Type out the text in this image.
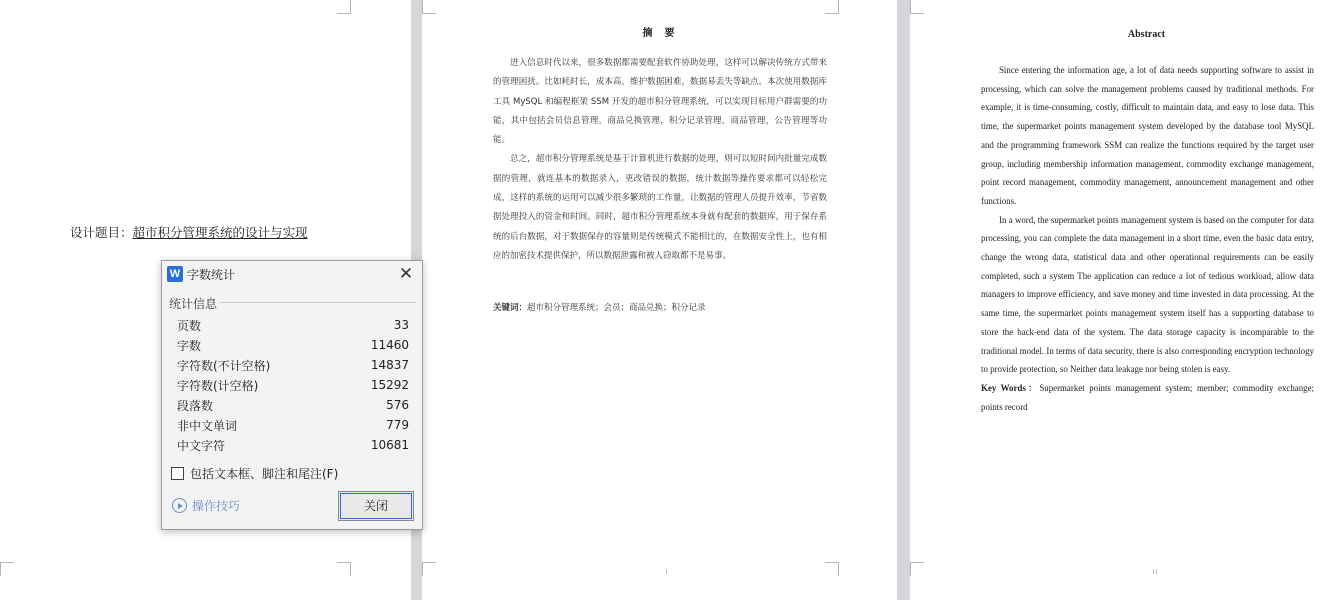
设计题目：超市积分管理系统的设计与实现
摘要

进入信息时代以来，很多数据都需要配套软件协助处理，这样可以解决传统方式带来的管理困扰。比如耗时长，成本高，维护数据困难，数据易丢失等缺点。本次使用数据库工具 MySQL 和编程框架 SSM 开发的超市积分管理系统，可以实现目标用户群需要的功能，其中包括会员信息管理，商品兑换管理，积分记录管理，商品管理，公告管理等功能。

总之，超市积分管理系统是基于计算机进行数据的处理，则可以短时间内批量完成数据的管理，就连基本的数据录入，更改错误的数据，统计数据等操作要求都可以轻松完成，这样的系统的运用可以减少很多繁琐的工作量，让数据的管理人员提升效率，节省数据处理投入的资金和时间。同时，超市积分管理系统本身就有配套的数据库，用于保存系统的后台数据，对于数据保存的容量则是传统模式不能相比的，在数据安全性上，也有相应的加密技术提供保护，所以数据泄露和被人窃取都不是易事。

关键词：超市积分管理系统；会员；商品兑换；积分记录
Abstract

Since entering the information age, a lot of data needs supporting software to assist in processing, which can solve the management problems caused by traditional methods. For example, it is time-consuming, costly, difficult to maintain data, and easy to lose data. This time, the supermarket points management system developed by the database tool MySQL and the programming framework SSM can realize the functions required by the target user group, including membership information management, commodity exchange management, point record management, commodity management, announcement management and other functions.

In a word, the supermarket points management system is based on the computer for data processing, you can complete the data management in a short time, even the basic data entry, change the wrong data, statistical data and other operational requirements can be easily completed, such a system The application can reduce a lot of tedious workload, allow data managers to improve efficiency, and save money and time invested in data processing. At the same time, the supermarket points management system itself has a supporting database to store the back-end data of the system. The data storage capacity is incomparable to the traditional model. In terms of data security, there is also corresponding encryption technology to provide protection, so Neither data leakage nor being stolen is easy.

Key Words：Supermarket points management system; member; commodity exchange; points record
W 字数统计	✕
统计信息
页数	33
字数	11460
字符数(不计空格)	14837
字符数(计空格)	15292
段落数	576
非中文单词	779
中文字符	10681
包括文本框、脚注和尾注(F)
操作技巧	关闭
